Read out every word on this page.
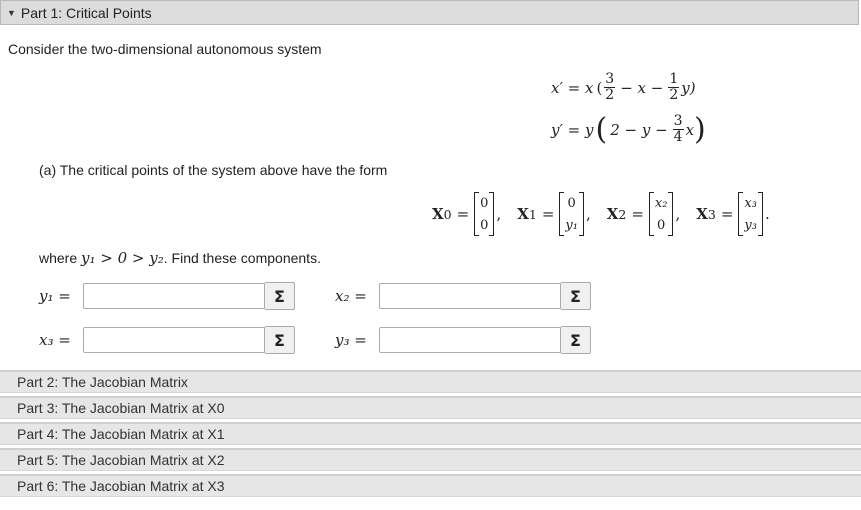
▼ Part 1: Critical Points
Consider the two-dimensional autonomous system
x′ = x ( $\frac{3}{2} - x - \frac{1}{2} y$)
y′ = y ( $2 - y - \frac{3}{4}$ x )
(a) The critical points of the system above have the form
X 0 =
0
0
, X 1 =
0
y₁
, X 2 =
x₂
0
, X 3 =
x₃
y₃
.
where y₁ > 0 > y₂. Find these components.
y₁ =	Σ	x₂ =	Σ
x₃ =	Σ	y₃ =	Σ
Part 2: The Jacobian Matrix
Part 3: The Jacobian Matrix at X0
Part 4: The Jacobian Matrix at X1
Part 5: The Jacobian Matrix at X2
Part 6: The Jacobian Matrix at X3
